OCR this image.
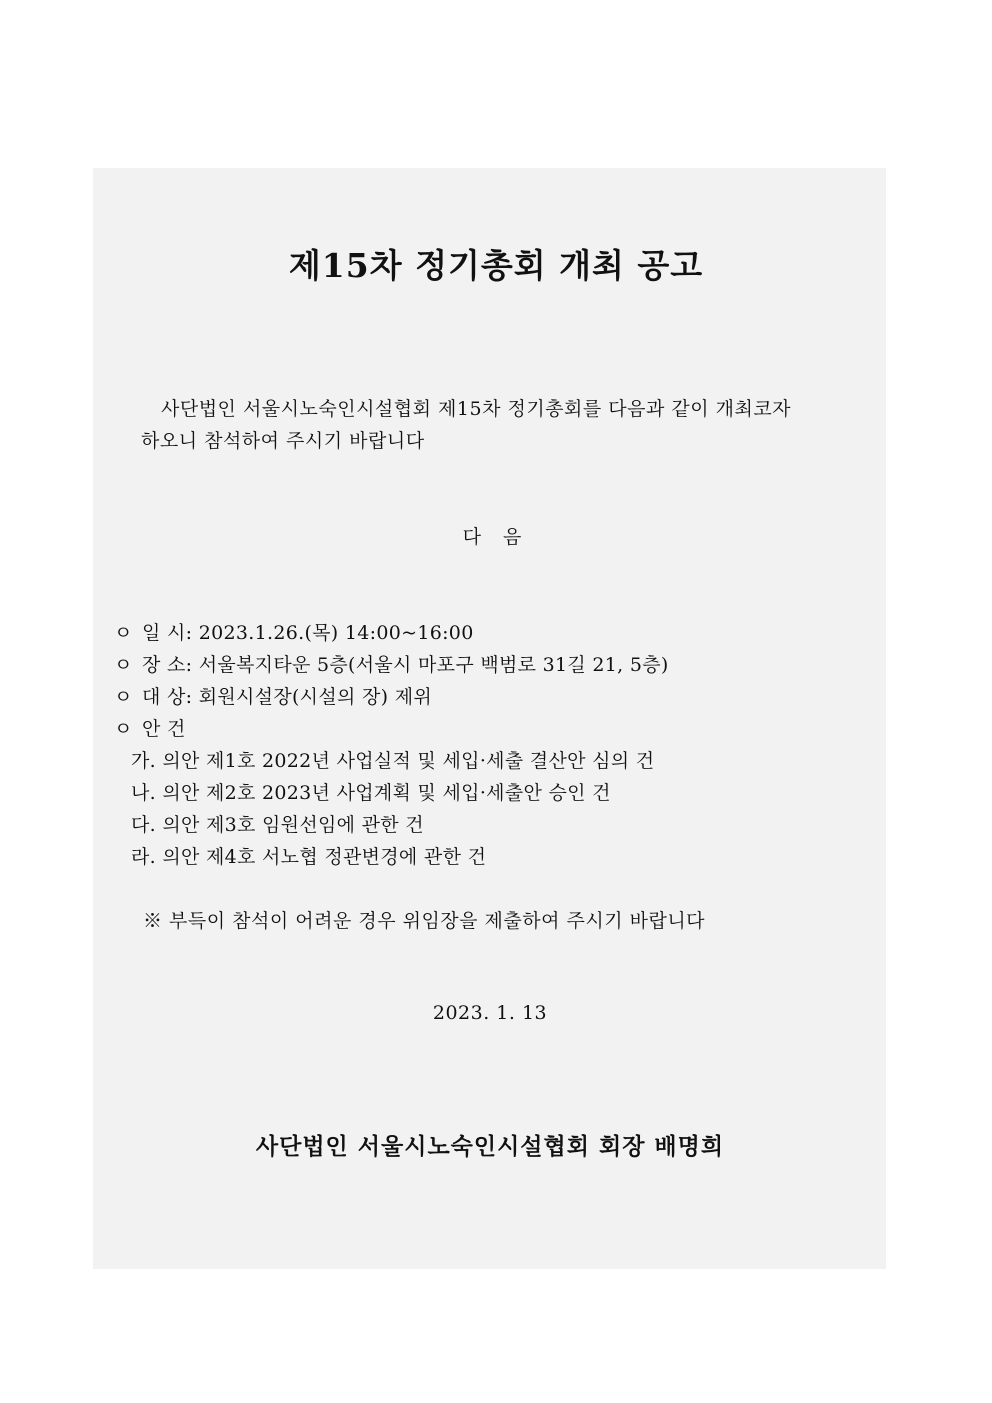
제15차 정기총회 개최 공고
사단법인 서울시노숙인시설협회 제15차 정기총회를 다음과 같이 개최코자
하오니 참석하여 주시기 바랍니다
다 음
ㅇ 일 시: 2023.1.26.(목) 14:00~16:00
ㅇ 장 소: 서울복지타운 5층(서울시 마포구 백범로 31길 21, 5층)
ㅇ 대 상: 회원시설장(시설의 장) 제위
ㅇ 안 건
가. 의안 제1호 2022년 사업실적 및 세입·세출 결산안 심의 건
나. 의안 제2호 2023년 사업계획 및 세입·세출안 승인 건
다. 의안 제3호 임원선임에 관한 건
라. 의안 제4호 서노협 정관변경에 관한 건
※ 부득이 참석이 어려운 경우 위임장을 제출하여 주시기 바랍니다
2023. 1. 13
사단법인 서울시노숙인시설협회 회장 배명희
